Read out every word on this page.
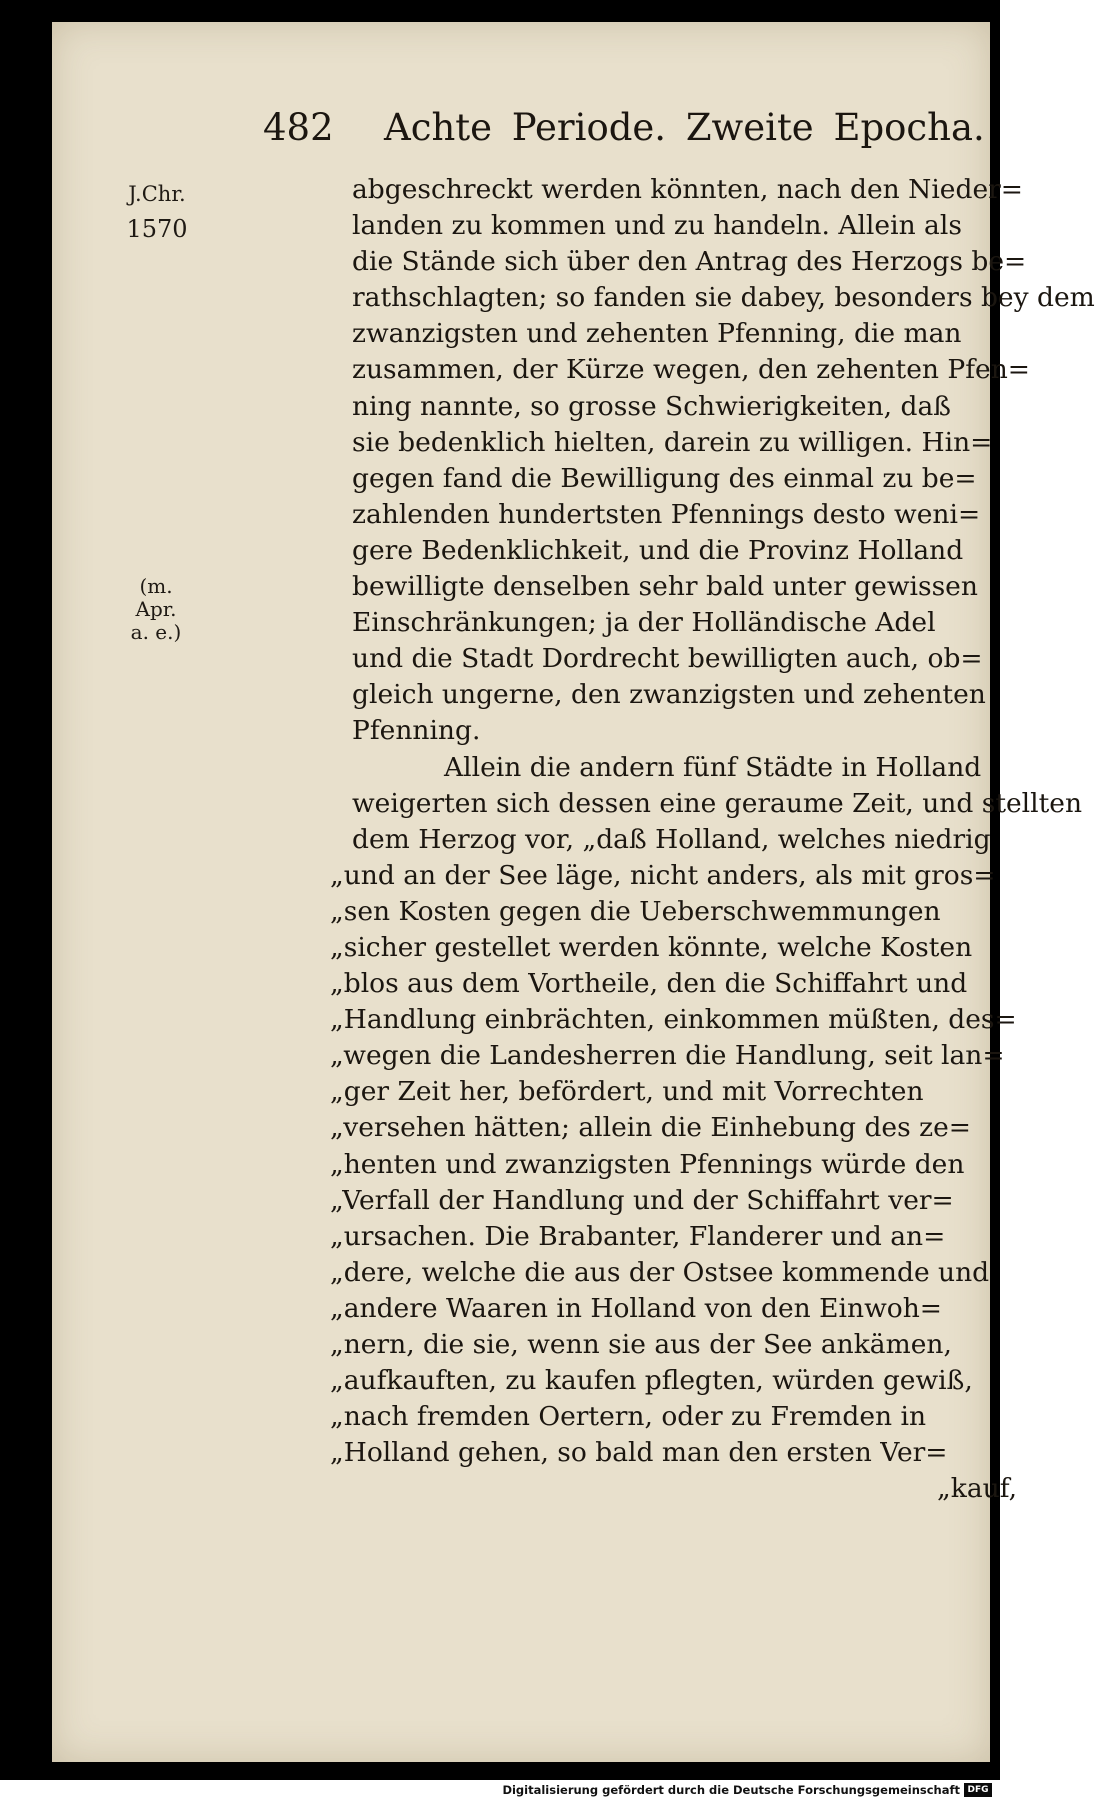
482 Achte Periode. Zweite Epocha.
J.Chr.
1570
(m.
Apr.
a. e.)
abgeschreckt werden könnten, nach den Nieder=
landen zu kommen und zu handeln. Allein als
die Stände sich über den Antrag des Herzogs be=
rathschlagten; so fanden sie dabey, besonders bey dem
zwanzigsten und zehenten Pfenning, die man
zusammen, der Kürze wegen, den zehenten Pfen=
ning nannte, so grosse Schwierigkeiten, daß
sie bedenklich hielten, darein zu willigen. Hin=
gegen fand die Bewilligung des einmal zu be=
zahlenden hundertsten Pfennings desto weni=
gere Bedenklichkeit, und die Provinz Holland
bewilligte denselben sehr bald unter gewissen
Einschränkungen; ja der Holländische Adel
und die Stadt Dordrecht bewilligten auch, ob=
gleich ungerne, den zwanzigsten und zehenten
Pfenning.
Allein die andern fünf Städte in Holland
weigerten sich dessen eine geraume Zeit, und stellten
dem Herzog vor, „daß Holland, welches niedrig
„und an der See läge, nicht anders, als mit gros=
„sen Kosten gegen die Ueberschwemmungen
„sicher gestellet werden könnte, welche Kosten
„blos aus dem Vortheile, den die Schiffahrt und
„Handlung einbrächten, einkommen müßten, des=
„wegen die Landesherren die Handlung, seit lan=
„ger Zeit her, befördert, und mit Vorrechten
„versehen hätten; allein die Einhebung des ze=
„henten und zwanzigsten Pfennings würde den
„Verfall der Handlung und der Schiffahrt ver=
„ursachen. Die Brabanter, Flanderer und an=
„dere, welche die aus der Ostsee kommende und
„andere Waaren in Holland von den Einwoh=
„nern, die sie, wenn sie aus der See ankämen,
„aufkauften, zu kaufen pflegten, würden gewiß,
„nach fremden Oertern, oder zu Fremden in
„Holland gehen, so bald man den ersten Ver=
„kauf,
Digitalisierung gefördert durch die Deutsche Forschungsgemeinschaft DFG
